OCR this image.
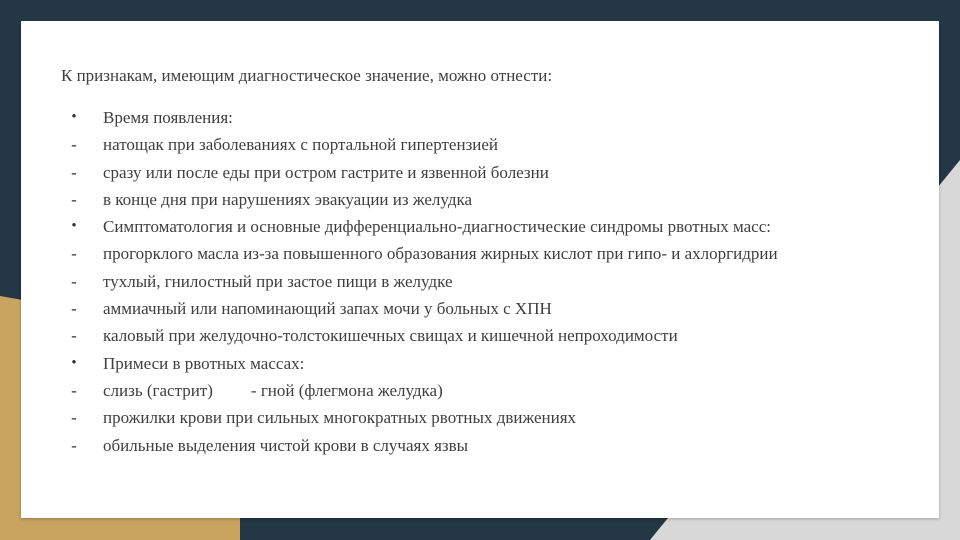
К признакам, имеющим диагностическое значение, можно отнести:
•	Время появления:
-	натощак при заболеваниях с портальной гипертензией
-	сразу или после еды при остром гастрите и язвенной болезни
-	в конце дня при нарушениях эвакуации из желудка
•	Симптоматология и основные дифференциально-диагностические синдромы рвотных масс:
-	прогорклого масла из-за повышенного образования жирных кислот при гипо- и ахлоргидрии
-	тухлый, гнилостный при застое пищи в желудке
-	аммиачный или напоминающий запах мочи у больных с ХПН
-	каловый при желудочно-толстокишечных свищах и кишечной непроходимости
•	Примеси в рвотных массах:
-	слизь (гастрит) - гной (флегмона желудка)
-	прожилки крови при сильных многократных рвотных движениях
-	обильные выделения чистой крови в случаях язвы
